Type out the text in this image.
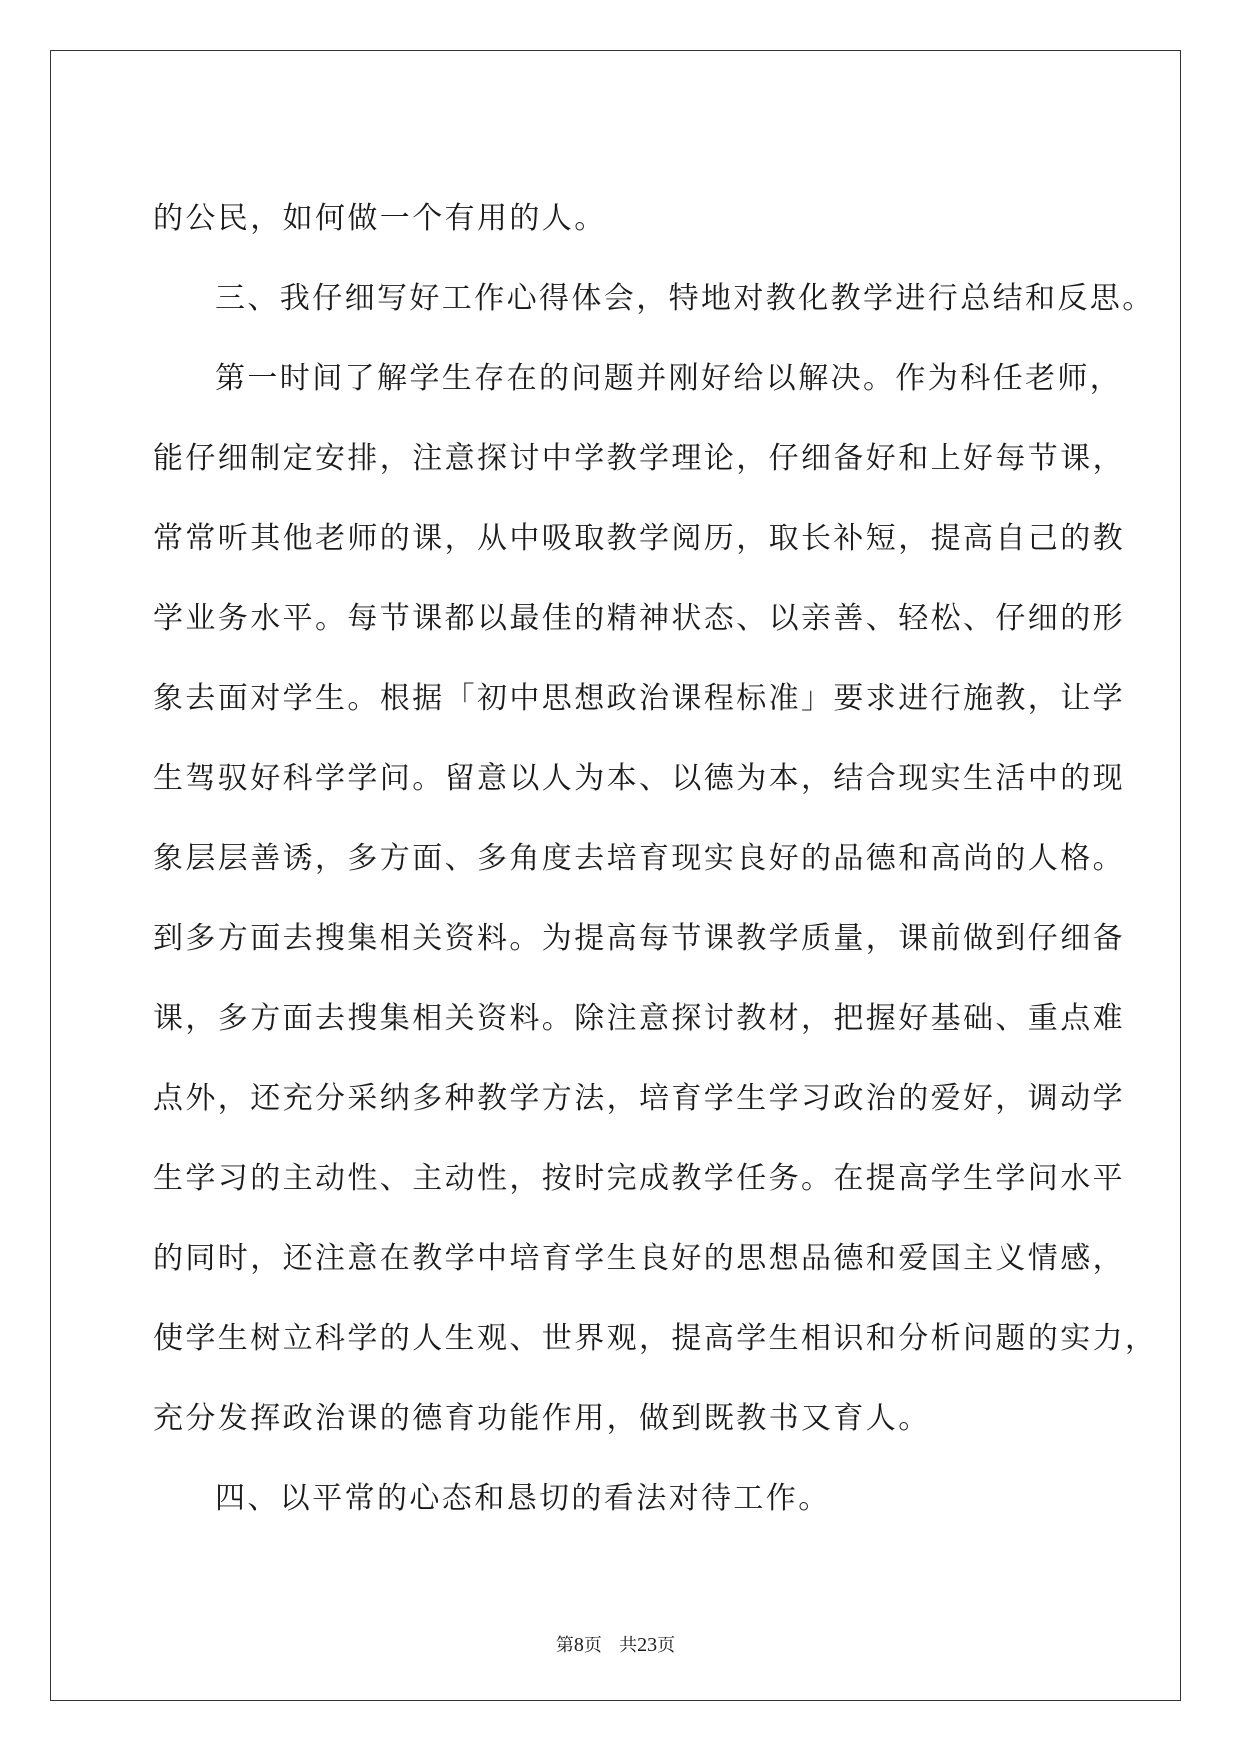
的公民，如何做一个有用的人。
三、我仔细写好工作心得体会，特地对教化教学进行总结和反思。
第一时间了解学生存在的问题并刚好给以解决。作为科任老师，
能仔细制定安排，注意探讨中学教学理论，仔细备好和上好每节课，
常常听其他老师的课，从中吸取教学阅历，取长补短，提高自己的教
学业务水平。每节课都以最佳的精神状态、以亲善、轻松、仔细的形
象去面对学生。根据「初中思想政治课程标准」要求进行施教，让学
生驾驭好科学学问。留意以人为本、以德为本，结合现实生活中的现
象层层善诱，多方面、多角度去培育现实良好的品德和高尚的人格。
到多方面去搜集相关资料。为提高每节课教学质量，课前做到仔细备
课，多方面去搜集相关资料。除注意探讨教材，把握好基础、重点难
点外，还充分采纳多种教学方法，培育学生学习政治的爱好，调动学
生学习的主动性、主动性，按时完成教学任务。在提高学生学问水平
的同时，还注意在教学中培育学生良好的思想品德和爱国主义情感，
使学生树立科学的人生观、世界观，提高学生相识和分析问题的实力，
充分发挥政治课的德育功能作用，做到既教书又育人。
四、以平常的心态和恳切的看法对待工作。
第8页 共23页
